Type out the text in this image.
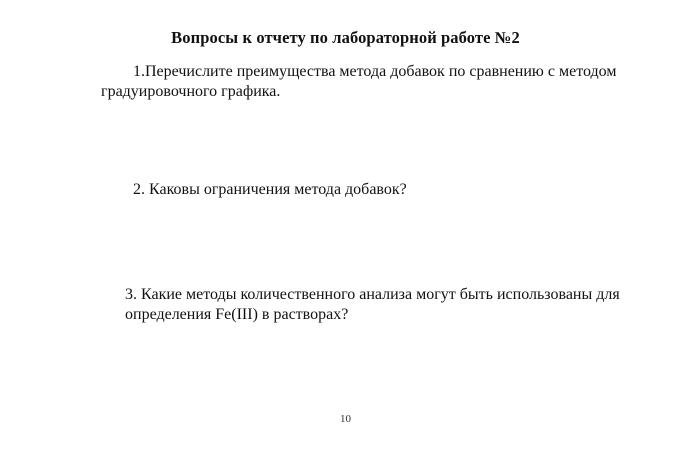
Вопросы к отчету по лабораторной работе №2
1.Перечислите преимущества метода добавок по сравнению с методом
градуировочного графика.
2. Каковы ограничения метода добавок?
3. Какие методы количественного анализа могут быть использованы для
определения Fe(III) в растворах?
10
